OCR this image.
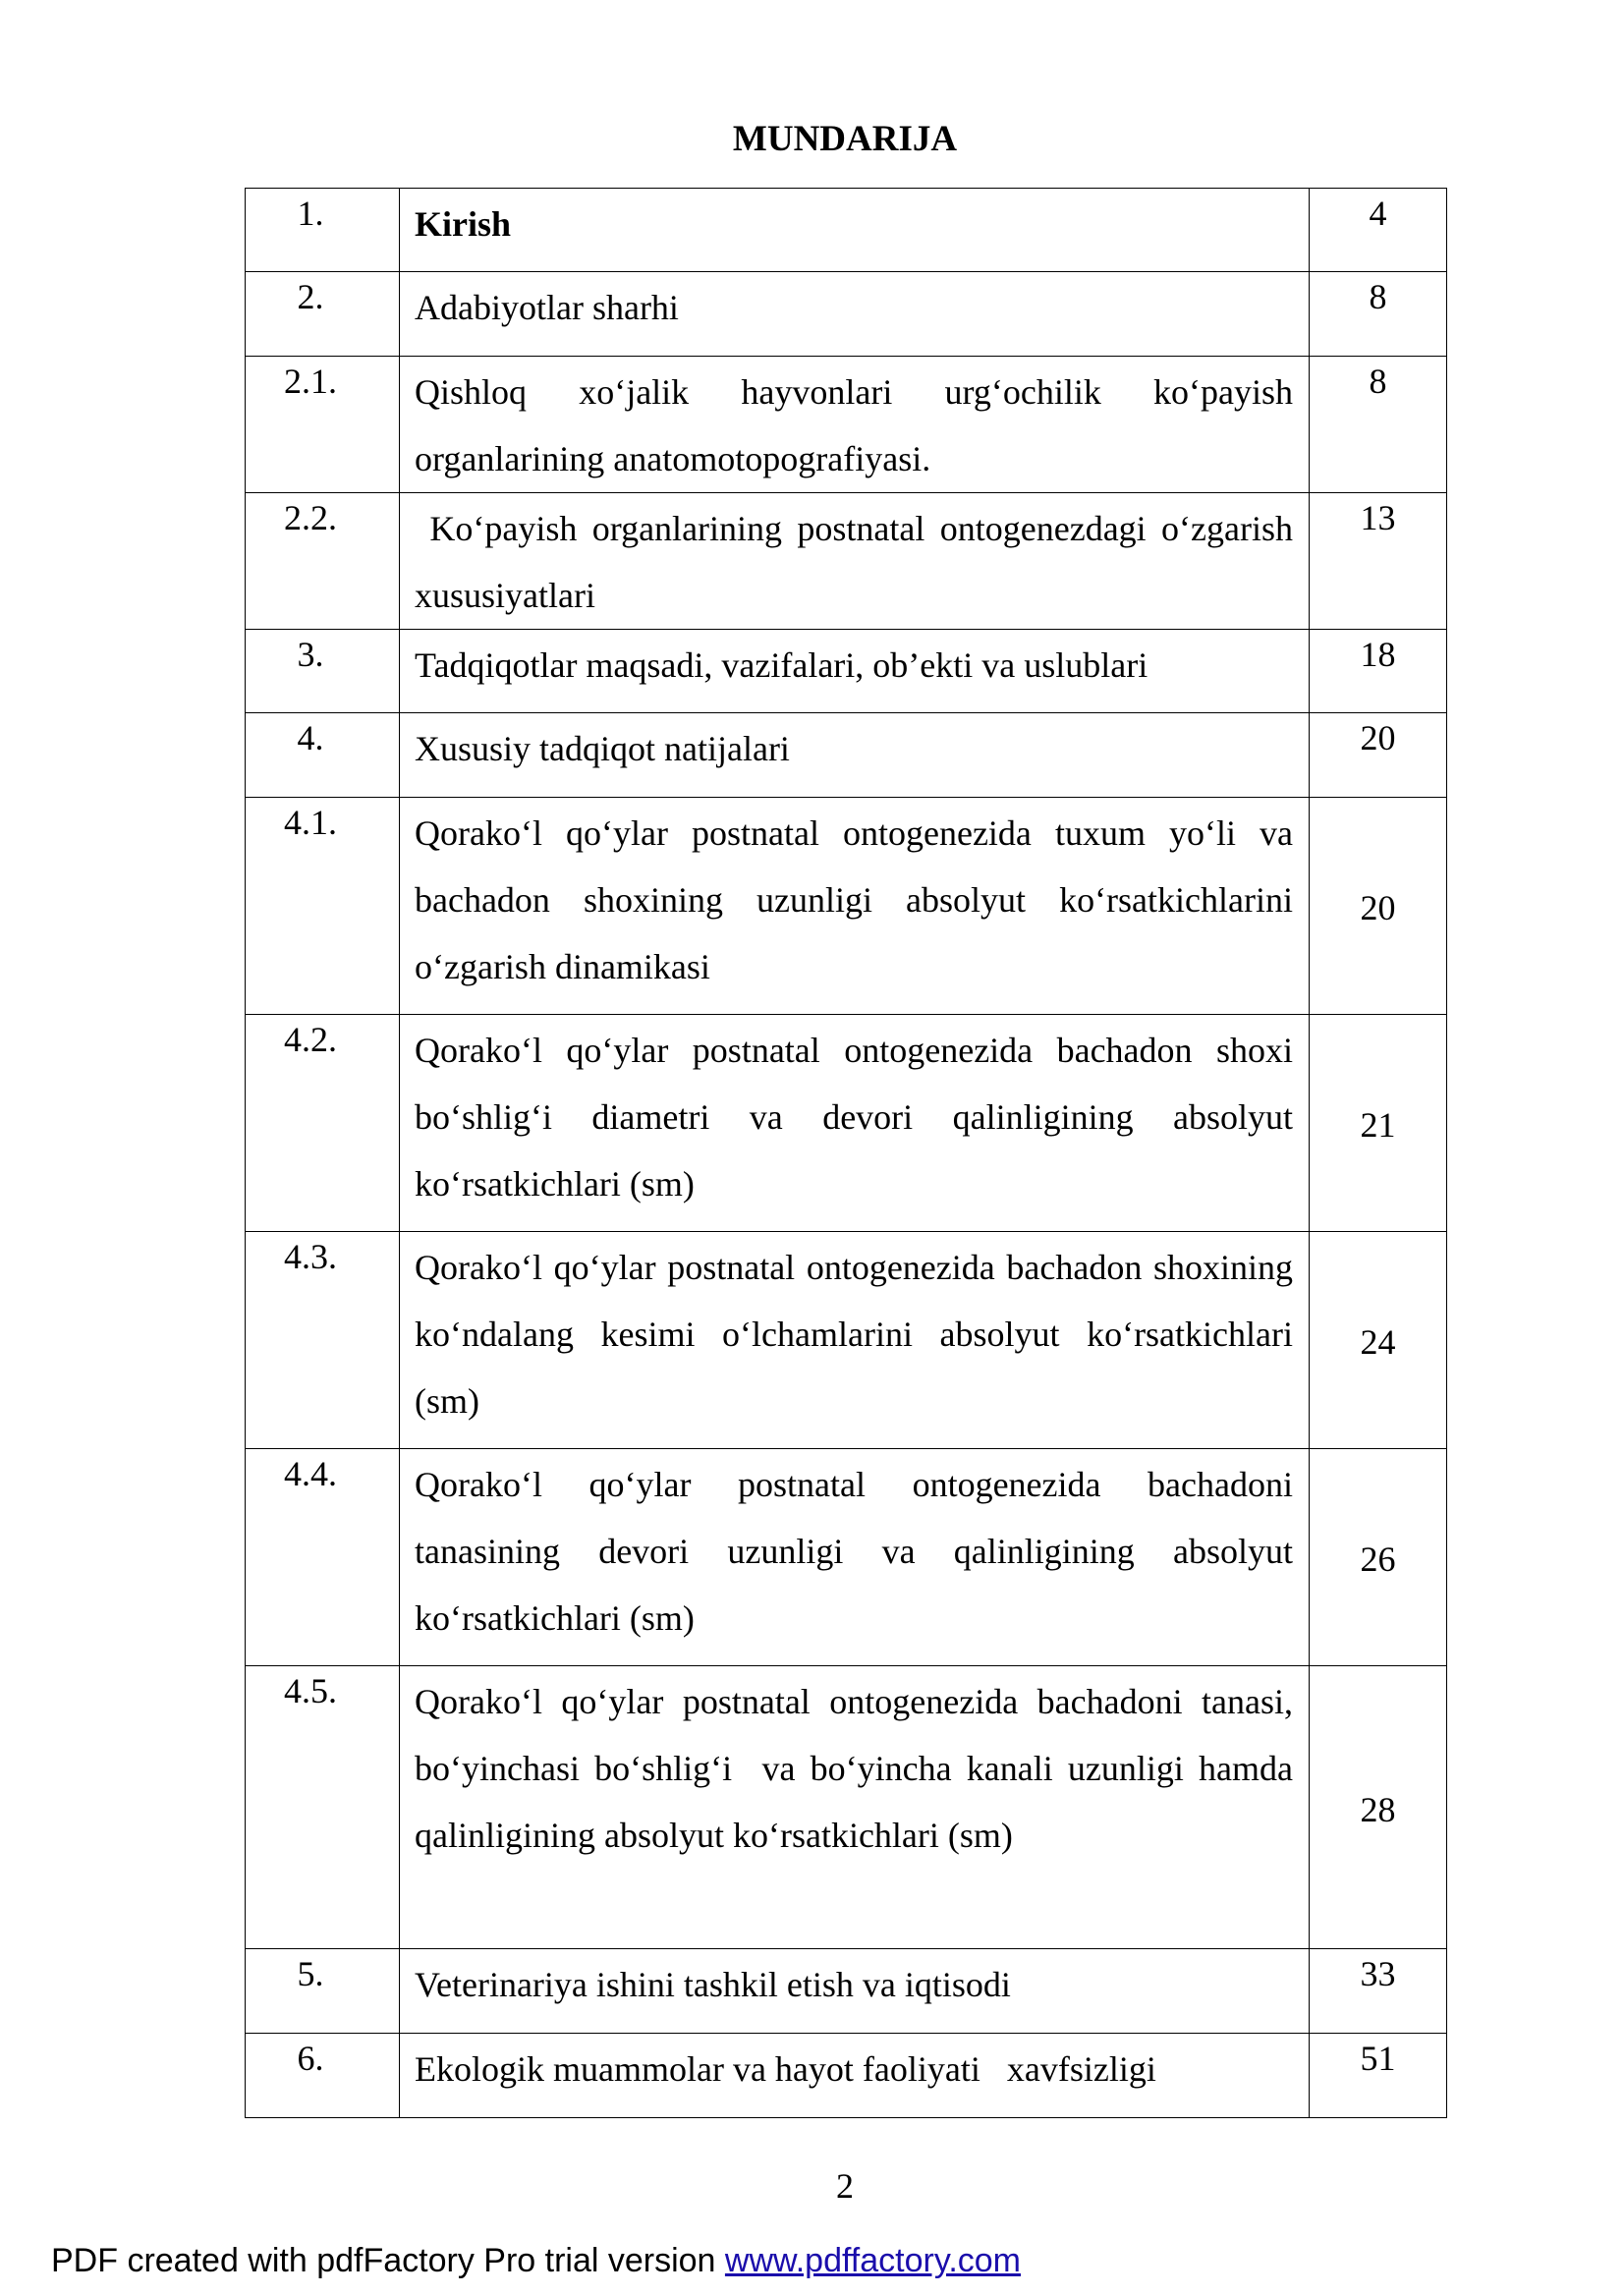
MUNDARIJA
1.	Kirish	4

2.	Adabiyotlar sharhi	8

2.1.	Qishloq xo‘jalik hayvonlari urg‘ochilik ko‘payish organlarining anatomotopografiyasi.	8

2.2.	Ko‘payish organlarining postnatal ontogenezdagi o‘zgarish xususiyatlari	13

3.	Tadqiqotlar maqsadi, vazifalari, ob’ekti va uslublari	18

4.	Xususiy tadqiqot natijalari	20

4.1.	Qorako‘l qo‘ylar postnatal ontogenezida tuxum yo‘li va bachadon shoxining uzunligi absolyut ko‘rsatkichlarini o‘zgarish dinamikasi	20

4.2.	Qorako‘l qo‘ylar postnatal ontogenezida bachadon shoxi bo‘shlig‘i diametri va devori qalinligining absolyut ko‘rsatkichlari (sm)	21

4.3.	Qorako‘l qo‘ylar postnatal ontogenezida bachadon shoxining ko‘ndalang kesimi o‘lchamlarini absolyut ko‘rsatkichlari (sm)	24

4.4.	Qorako‘l qo‘ylar postnatal ontogenezida bachadoni tanasining devori uzunligi va qalinligining absolyut ko‘rsatkichlari (sm)	26

4.5.	Qorako‘l qo‘ylar postnatal ontogenezida bachadoni tanasi, bo‘yinchasi bo‘shlig‘i  va bo‘yincha kanali uzunligi hamda qalinligining absolyut ko‘rsatkichlari (sm)	28

5.	Veterinariya ishini tashkil etish va iqtisodi	33

6.	Ekologik muammolar va hayot faoliyati   xavfsizligi	51
2
PDF created with pdfFactory Pro trial version www.pdffactory.com
